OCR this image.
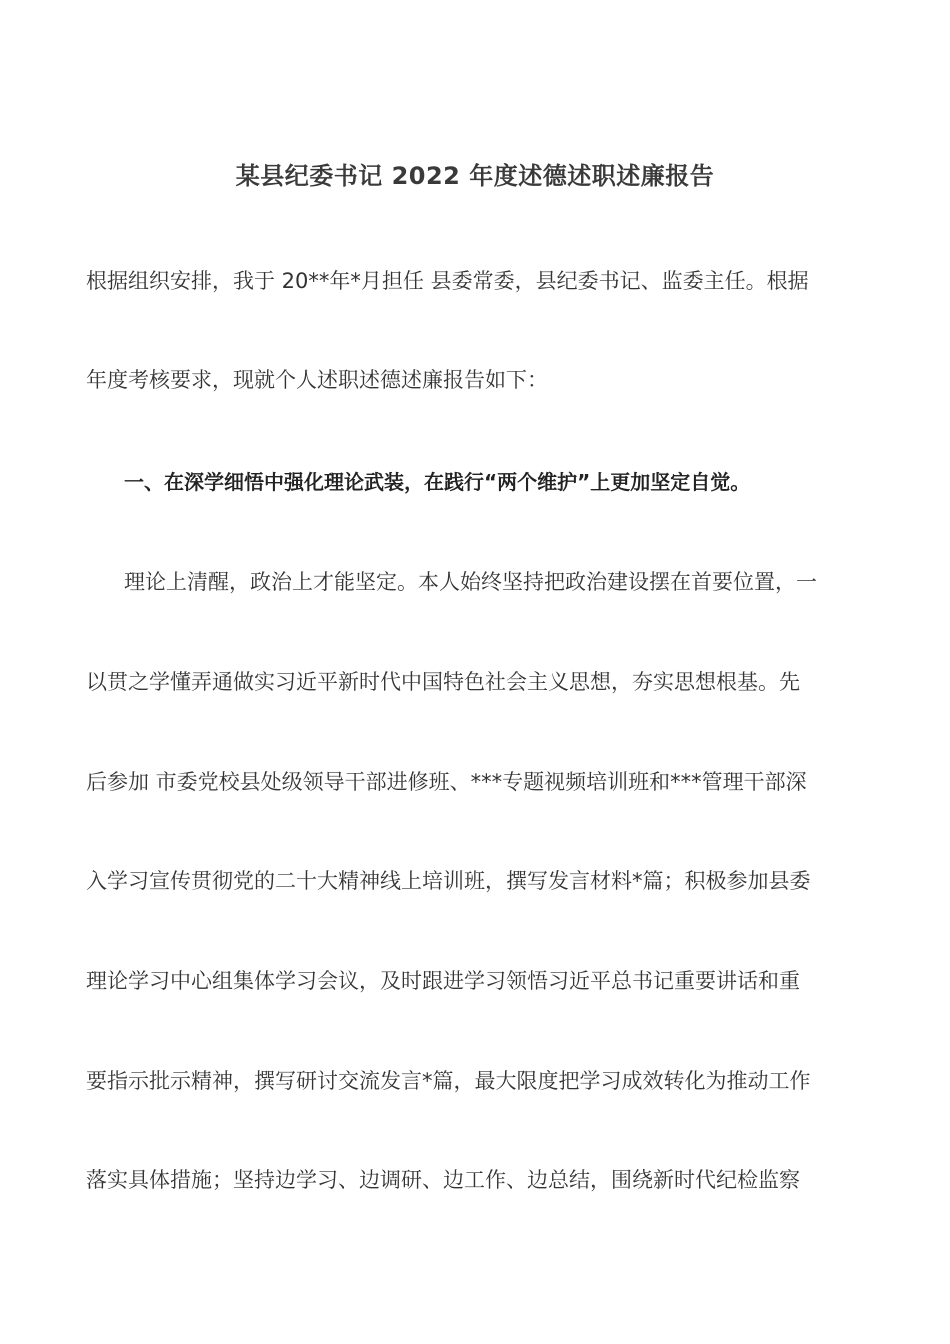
某县纪委书记 2022 年度述德述职述廉报告
根据组织安排，我于 20**年*月担任 县委常委，县纪委书记、监委主任。根据
年度考核要求，现就个人述职述德述廉报告如下：
一、在深学细悟中强化理论武装，在践行“两个维护”上更加坚定自觉。
理论上清醒，政治上才能坚定。本人始终坚持把政治建设摆在首要位置，一
以贯之学懂弄通做实习近平新时代中国特色社会主义思想，夯实思想根基。先
后参加 市委党校县处级领导干部进修班、***专题视频培训班和***管理干部深
入学习宣传贯彻党的二十大精神线上培训班，撰写发言材料*篇；积极参加县委
理论学习中心组集体学习会议，及时跟进学习领悟习近平总书记重要讲话和重
要指示批示精神，撰写研讨交流发言*篇，最大限度把学习成效转化为推动工作
落实具体措施；坚持边学习、边调研、边工作、边总结，围绕新时代纪检监察
